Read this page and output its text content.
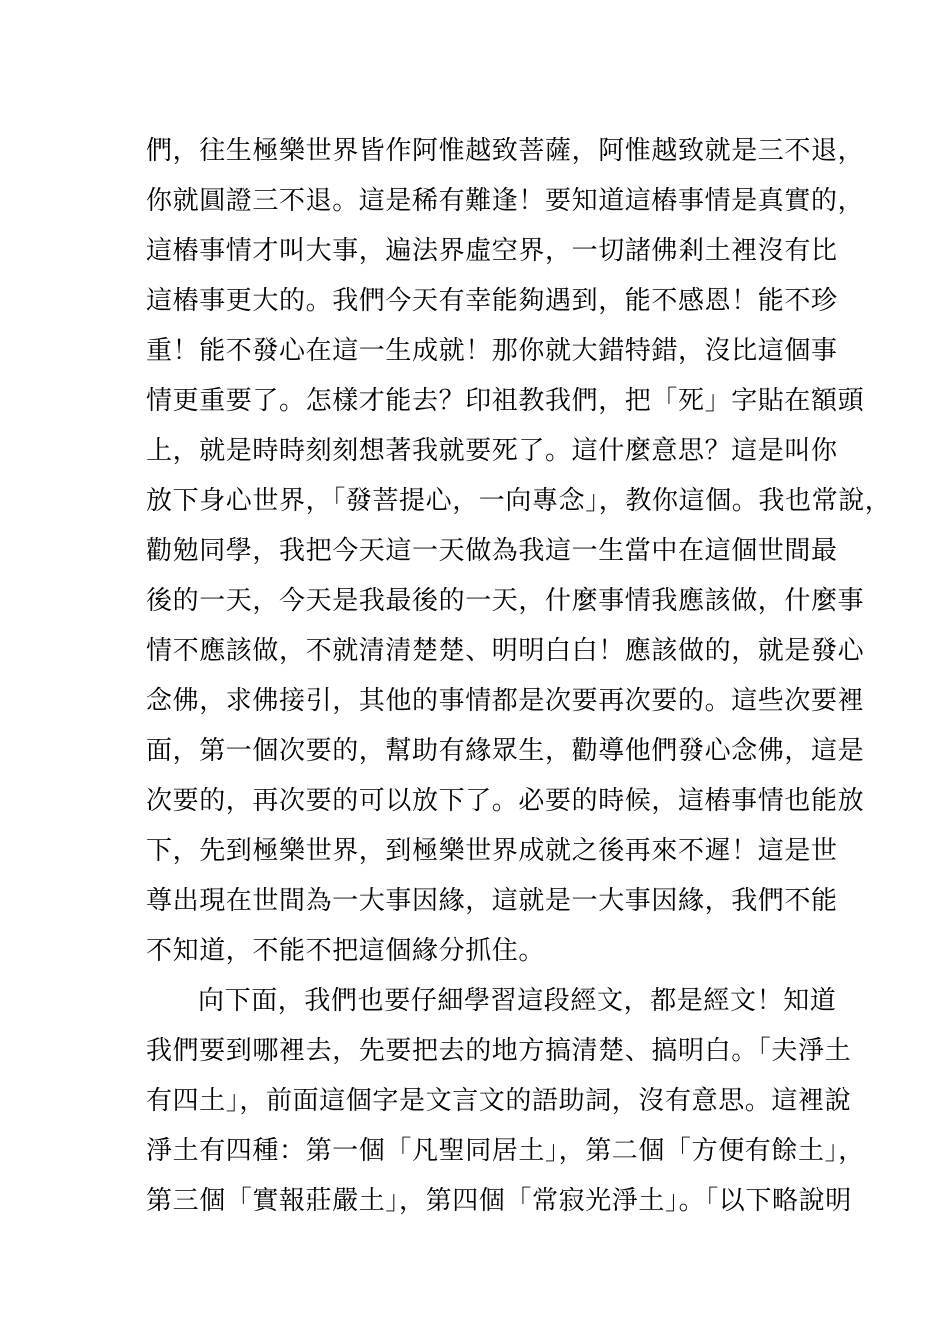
們，往生極樂世界皆作阿惟越致菩薩，阿惟越致就是三不退，
你就圓證三不退。這是稀有難逢！要知道這樁事情是真實的，
這樁事情才叫大事，遍法界虛空界，一切諸佛剎土裡沒有比
這樁事更大的。我們今天有幸能夠遇到，能不感恩！能不珍
重！能不發心在這一生成就！那你就大錯特錯，沒比這個事
情更重要了。怎樣才能去？印祖教我們，把「死」字貼在額頭
上，就是時時刻刻想著我就要死了。這什麼意思？這是叫你
放下身心世界，「發菩提心，一向專念」，教你這個。我也常說，
勸勉同學，我把今天這一天做為我這一生當中在這個世間最
後的一天，今天是我最後的一天，什麼事情我應該做，什麼事
情不應該做，不就清清楚楚、明明白白！應該做的，就是發心
念佛，求佛接引，其他的事情都是次要再次要的。這些次要裡
面，第一個次要的，幫助有緣眾生，勸導他們發心念佛，這是
次要的，再次要的可以放下了。必要的時候，這樁事情也能放
下，先到極樂世界，到極樂世界成就之後再來不遲！這是世
尊出現在世間為一大事因緣，這就是一大事因緣，我們不能
不知道，不能不把這個緣分抓住。
向下面，我們也要仔細學習這段經文，都是經文！知道
我們要到哪裡去，先要把去的地方搞清楚、搞明白。「夫淨土
有四土」，前面這個字是文言文的語助詞，沒有意思。這裡說
淨土有四種：第一個「凡聖同居土」，第二個「方便有餘土」，
第三個「實報莊嚴土」，第四個「常寂光淨土」。「以下略說明
